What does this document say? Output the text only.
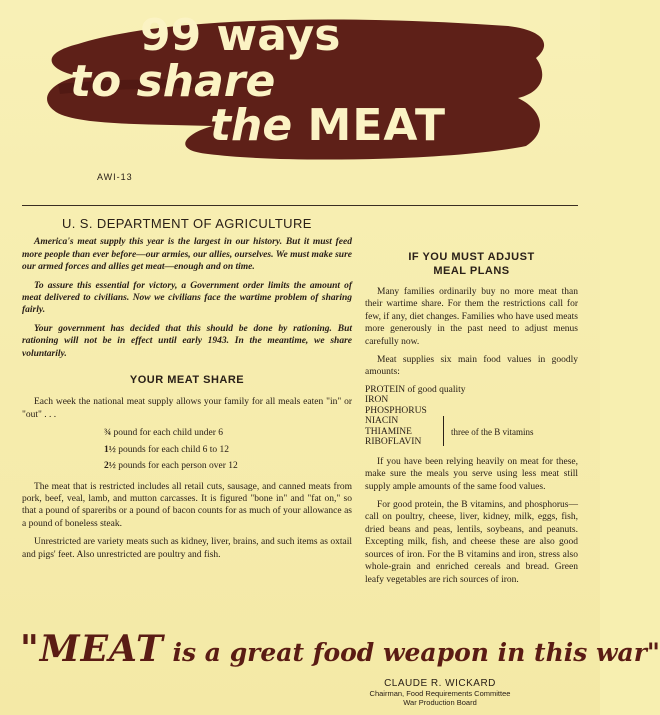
99 ways
to share
the MEAT
AWI-13
U. S. DEPARTMENT OF AGRICULTURE

America's meat supply this year is the largest in our history. But it must feed more people than ever before—our armies, our allies, ourselves. We must make sure our armed forces and allies get meat—enough and on time.

To assure this essential for victory, a Government order limits the amount of meat delivered to civilians. Now we civilians face the wartime problem of sharing fairly.

Your government has decided that this should be done by rationing. But rationing will not be in effect until early 1943. In the meantime, we share voluntarily.

YOUR MEAT SHARE

Each week the national meat supply allows your family for all meals eaten "in" or "out" . . .

¾ pound for each child under 6
1½ pounds for each child 6 to 12
2½ pounds for each person over 12

The meat that is restricted includes all retail cuts, sausage, and canned meats from pork, beef, veal, lamb, and mutton carcasses. It is figured "bone in" and "fat on," so that a pound of spareribs or a pound of bacon counts for as much of your allowance as a pound of boneless steak.

Unrestricted are variety meats such as kidney, liver, brains, and such items as oxtail and pigs' feet. Also unrestricted are poultry and fish.

IF YOU MUST ADJUST
MEAL PLANS

Many families ordinarily buy no more meat than their wartime share. For them the restrictions call for few, if any, diet changes. Families who have used meats more generously in the past need to adjust menus carefully now.

Meat supplies six main food values in goodly amounts:

PROTEIN of good quality
IRON
PHOSPHORUS
NIACIN
THIAMINE
RIBOFLAVIN
three of the B vitamins

If you have been relying heavily on meat for these, make sure the meals you serve using less meat still supply ample amounts of the same food values.

For good protein, the B vitamins, and phosphorus—call on poultry, cheese, liver, kidney, milk, eggs, fish, dried beans and peas, lentils, soybeans, and peanuts. Excepting milk, fish, and cheese these are also good sources of iron. For the B vitamins and iron, stress also whole-grain and enriched cereals and bread. Green leafy vegetables are rich sources of iron.

"MEAT is a great food weapon in this war"
CLAUDE R. WICKARD
Chairman, Food Requirements Committee
War Production Board
